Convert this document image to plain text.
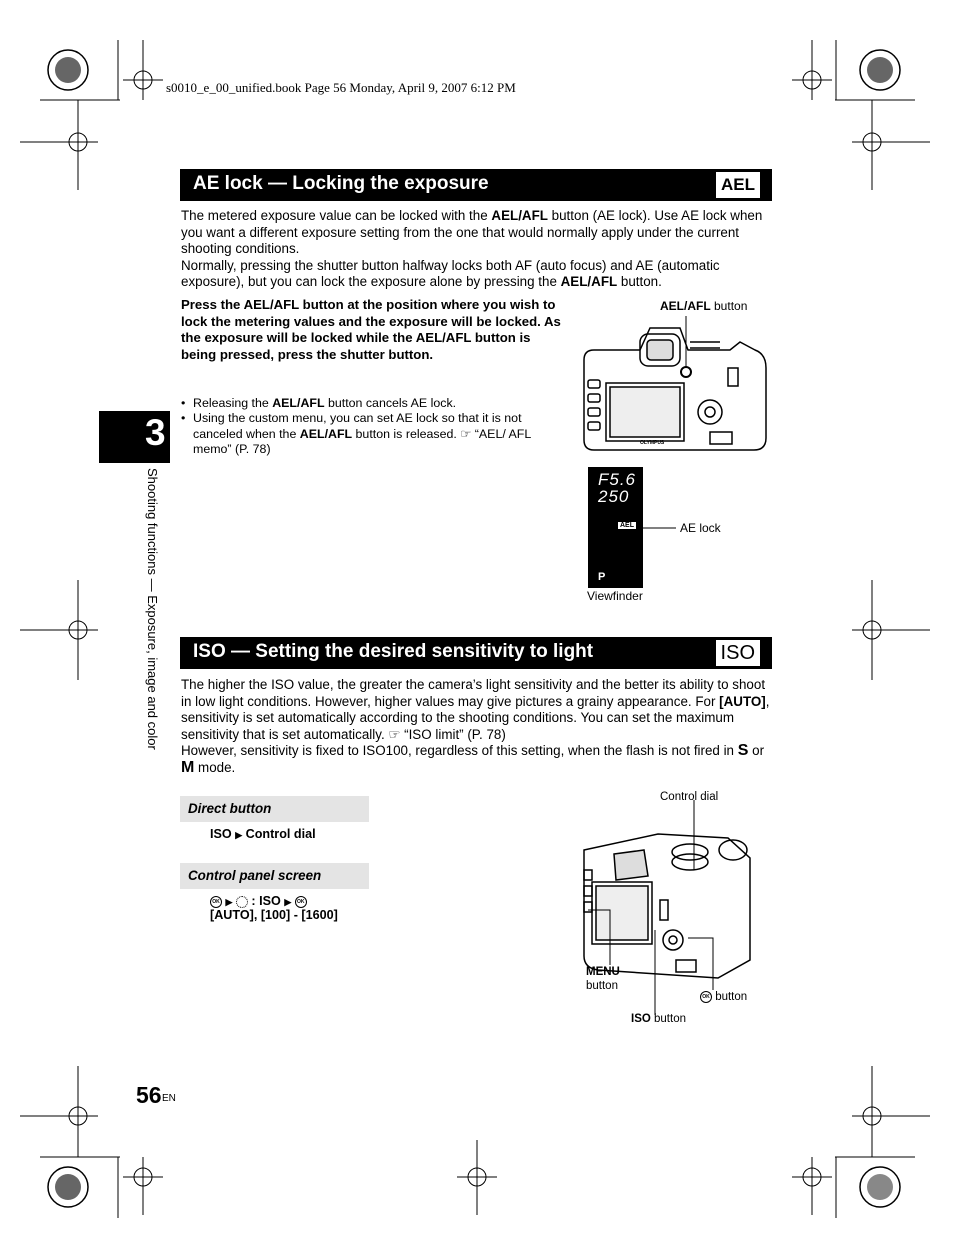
s0010_e_00_unified.book Page 56 Monday, April 9, 2007 6:12 PM
3
Shooting functions — Exposure, image and color
AE lock — Locking the exposure	AEL

The metered exposure value can be locked with the AEL/AFL button (AE lock). Use AE lock when you want a different exposure setting from the one that would normally apply under the current shooting conditions.

Normally, pressing the shutter button halfway locks both AF (auto focus) and AE (automatic exposure), but you can lock the exposure alone by pressing the AEL/AFL button.

Press the AEL/AFL button at the position where you wish to lock the metering values and the exposure will be locked. As the exposure will be locked while the AEL/AFL button is being pressed, press the shutter button.
• Releasing the AEL/AFL button cancels AE lock.
• Using the custom menu, you can set AE lock so that it is not canceled when the AEL/AFL button is released. ☞ “AEL/ AFL memo” (P. 78)	OLYMPUS
AEL/AFL button
F5.6
250
AEL
P
AE lock
Viewfinder
ISO — Setting the desired sensitivity to light	ISO

The higher the ISO value, the greater the camera’s light sensitivity and the better its ability to shoot in low light conditions. However, higher values may give pictures a grainy appearance. For [AUTO], sensitivity is set automatically according to the shooting conditions. You can set the maximum sensitivity that is set automatically. ☞ “ISO limit” (P. 78)

However, sensitivity is fixed to ISO100, regardless of this setting, when the flash is not fired in S or M mode.

Direct button
ISO ▶ Control dial
Control panel screen
OK ▶  : ISO ▶ OK
[AUTO], [100] - [1600]
Control dial
MENU
button
OK button
ISO button
56 EN
